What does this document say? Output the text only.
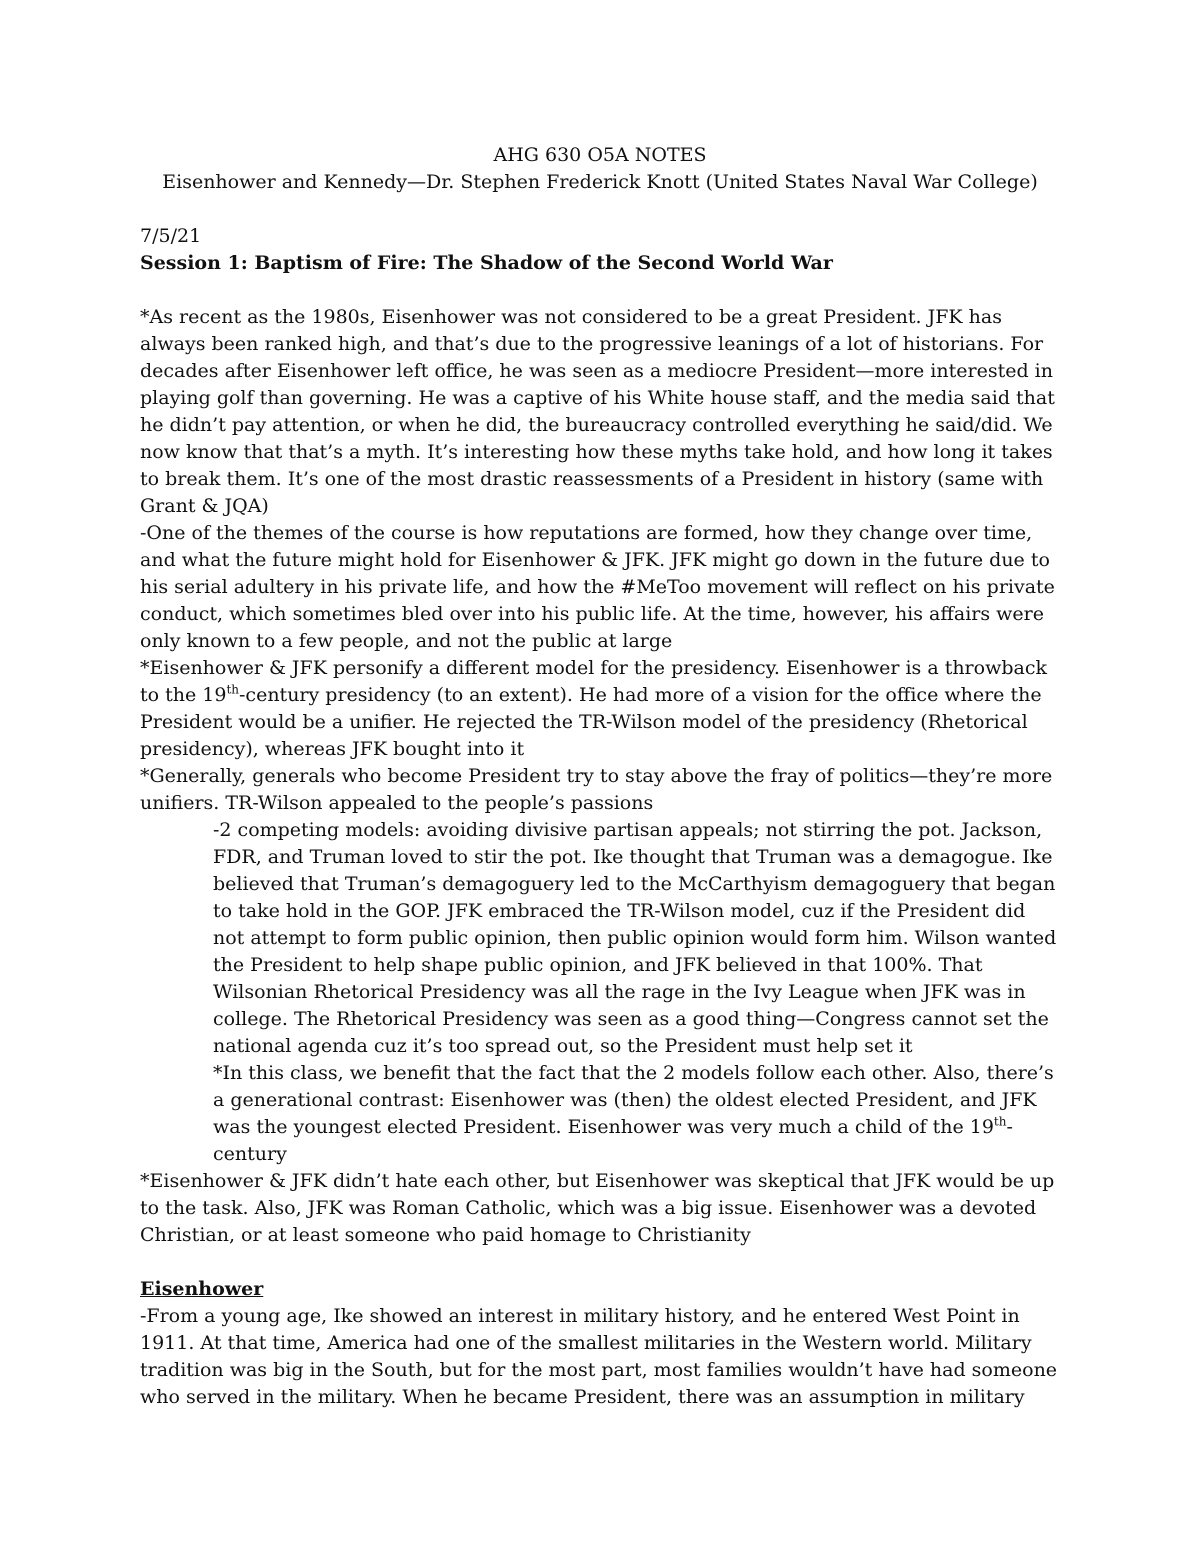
AHG 630 O5A NOTES

Eisenhower and Kennedy—Dr. Stephen Frederick Knott (United States Naval War College)

7/5/21

Session 1: Baptism of Fire: The Shadow of the Second World War

*As recent as the 1980s, Eisenhower was not considered to be a great President. JFK has always been ranked high, and that’s due to the progressive leanings of a lot of historians. For decades after Eisenhower left office, he was seen as a mediocre President—more interested in playing golf than governing. He was a captive of his White house staff, and the media said that he didn’t pay attention, or when he did, the bureaucracy controlled everything he said/did. We now know that that’s a myth. It’s interesting how these myths take hold, and how long it takes to break them. It’s one of the most drastic reassessments of a President in history (same with Grant & JQA)

-One of the themes of the course is how reputations are formed, how they change over time, and what the future might hold for Eisenhower & JFK. JFK might go down in the future due to his serial adultery in his private life, and how the #MeToo movement will reflect on his private conduct, which sometimes bled over into his public life. At the time, however, his affairs were only known to a few people, and not the public at large

*Eisenhower & JFK personify a different model for the presidency. Eisenhower is a throwback to the 19th-century presidency (to an extent). He had more of a vision for the office where the President would be a unifier. He rejected the TR-Wilson model of the presidency (Rhetorical presidency), whereas JFK bought into it

*Generally, generals who become President try to stay above the fray of politics—they’re more unifiers. TR-Wilson appealed to the people’s passions

-2 competing models: avoiding divisive partisan appeals; not stirring the pot. Jackson, FDR, and Truman loved to stir the pot. Ike thought that Truman was a demagogue. Ike believed that Truman’s demagoguery led to the McCarthyism demagoguery that began to take hold in the GOP. JFK embraced the TR-Wilson model, cuz if the President did not attempt to form public opinion, then public opinion would form him. Wilson wanted the President to help shape public opinion, and JFK believed in that 100%. That Wilsonian Rhetorical Presidency was all the rage in the Ivy League when JFK was in college. The Rhetorical Presidency was seen as a good thing—Congress cannot set the national agenda cuz it’s too spread out, so the President must help set it

*In this class, we benefit that the fact that the 2 models follow each other. Also, there’s a generational contrast: Eisenhower was (then) the oldest elected President, and JFK was the youngest elected President. Eisenhower was very much a child of the 19th-century

*Eisenhower & JFK didn’t hate each other, but Eisenhower was skeptical that JFK would be up to the task. Also, JFK was Roman Catholic, which was a big issue. Eisenhower was a devoted Christian, or at least someone who paid homage to Christianity

Eisenhower

-From a young age, Ike showed an interest in military history, and he entered West Point in 1911. At that time, America had one of the smallest militaries in the Western world. Military tradition was big in the South, but for the most part, most families wouldn’t have had someone who served in the military. When he became President, there was an assumption in military
